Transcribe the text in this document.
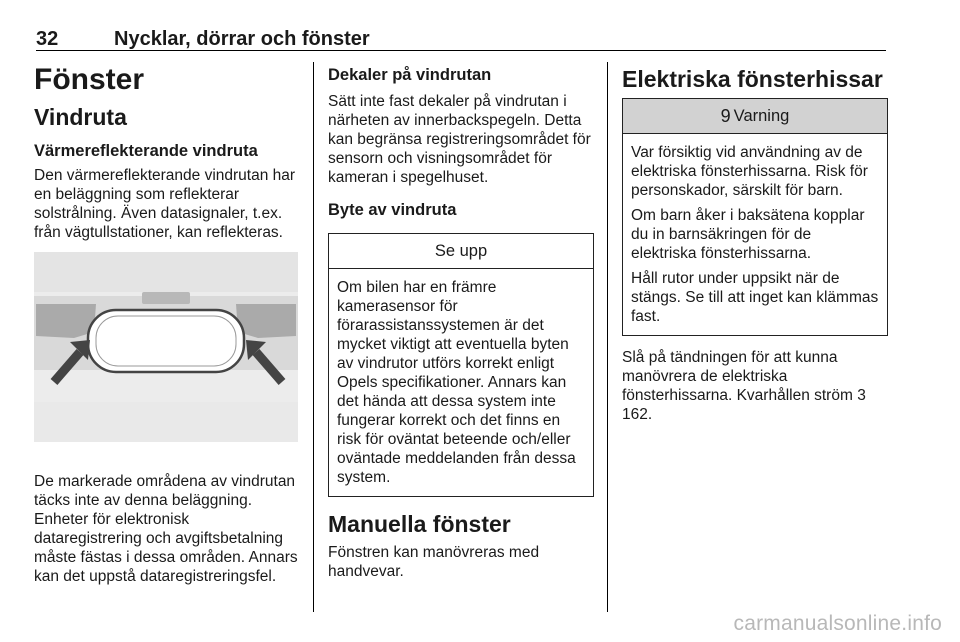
32	Nycklar, dörrar och fönster
Fönster
Vindruta
Värmereflekterande vindruta

Den värmereflekterande vindrutan har en beläggning som reflekterar solstrålning. Även datasignaler, t.ex. från vägtullstationer, kan reflekteras.

De markerade områdena av vindrutan täcks inte av denna beläggning. Enheter för elektronisk dataregistrering och avgiftsbetalning måste fästas i dessa områden. Annars kan det uppstå dataregistreringsfel.

Dekaler på vindrutan

Sätt inte fast dekaler på vindrutan i närheten av innerbackspegeln. Detta kan begränsa registreringsområdet för sensorn och visningsområdet för kameran i spegelhuset.

Byte av vindruta
Se upp

Om bilen har en främre kamerasensor för förarassistanssystemen är det mycket viktigt att eventuella byten av vindrutor utförs korrekt enligt Opels specifikationer. Annars kan det hända att dessa system inte fungerar korrekt och det finns en risk för oväntat beteende och/eller oväntade meddelanden från dessa system.

Manuella fönster

Fönstren kan manövreras med handvevar.

Elektriska fönsterhissar
9 Varning

Var försiktig vid användning av de elektriska fönsterhissarna. Risk för personskador, särskilt för barn.

Om barn åker i baksätena kopplar du in barnsäkringen för de elektriska fönsterhissarna.

Håll rutor under uppsikt när de stängs. Se till att inget kan klämmas fast.

Slå på tändningen för att kunna manövrera de elektriska fönsterhissarna. Kvarhållen ström 3 162.

carmanualsonline.info
